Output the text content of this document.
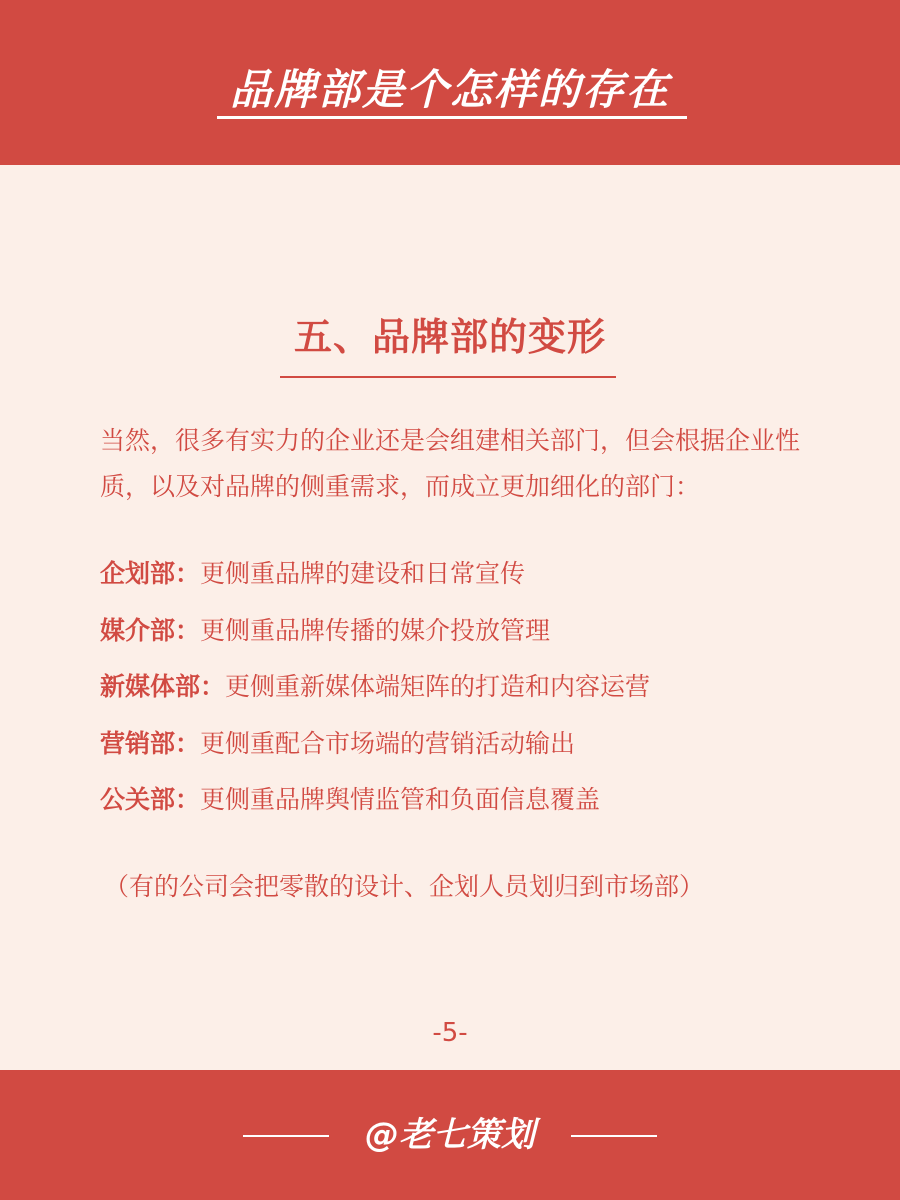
品牌部是个怎样的存在
五、品牌部的变形

当然，很多有实力的企业还是会组建相关部门，但会根据企业性质，以及对品牌的侧重需求，而成立更加细化的部门：

企划部：更侧重品牌的建设和日常宣传
媒介部：更侧重品牌传播的媒介投放管理
新媒体部：更侧重新媒体端矩阵的打造和内容运营
营销部：更侧重配合市场端的营销活动输出
公关部：更侧重品牌舆情监管和负面信息覆盖
（有的公司会把零散的设计、企划人员划归到市场部）
-5-
@老七策划
